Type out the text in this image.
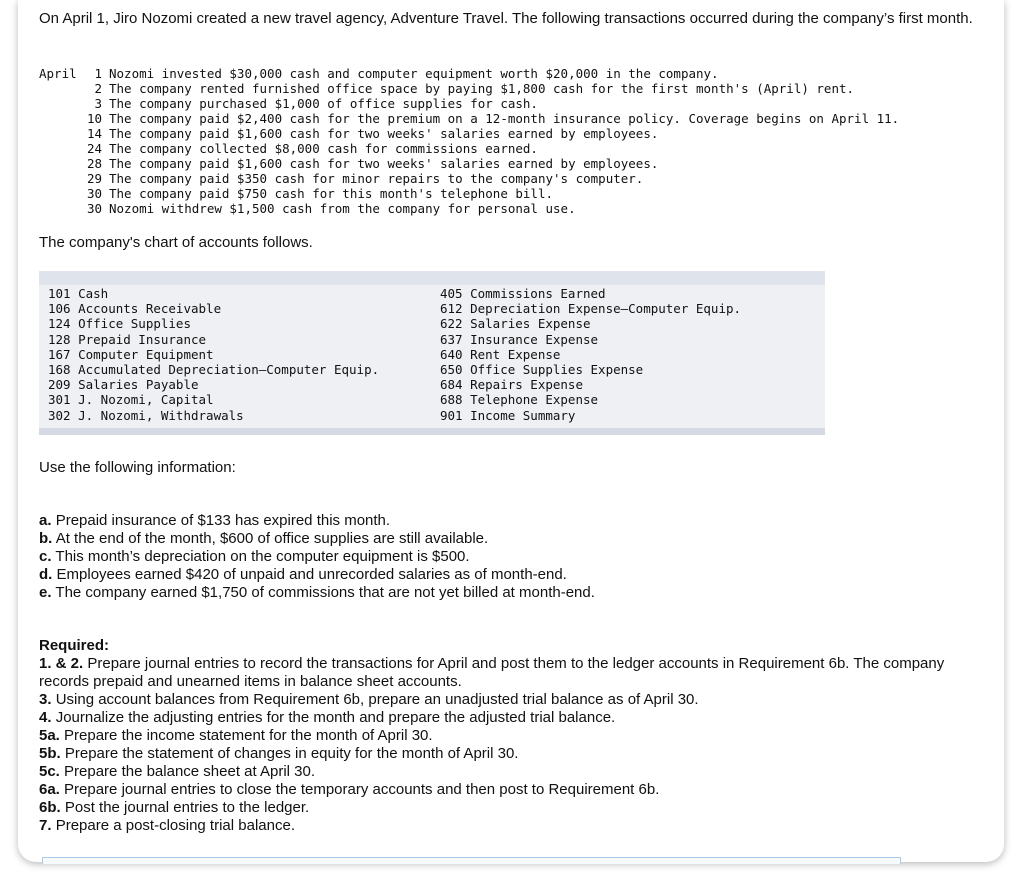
On April 1, Jiro Nozomi created a new travel agency, Adventure Travel. The following transactions occurred during the company’s first month.

April 1 Nozomi invested $30,000 cash and computer equipment worth $20,000 in the company.
2 The company rented furnished office space by paying $1,800 cash for the first month's (April) rent.
3 The company purchased $1,000 of office supplies for cash.
10 The company paid $2,400 cash for the premium on a 12-month insurance policy. Coverage begins on April 11.
14 The company paid $1,600 cash for two weeks' salaries earned by employees.
24 The company collected $8,000 cash for commissions earned.
28 The company paid $1,600 cash for two weeks' salaries earned by employees.
29 The company paid $350 cash for minor repairs to the company's computer.
30 The company paid $750 cash for this month's telephone bill.
30 Nozomi withdrew $1,500 cash from the company for personal use.

The company's chart of accounts follows.

101 Cash
106 Accounts Receivable
124 Office Supplies
128 Prepaid Insurance
167 Computer Equipment
168 Accumulated Depreciation—Computer Equip.
209 Salaries Payable
301 J. Nozomi, Capital
302 J. Nozomi, Withdrawals
405 Commissions Earned
612 Depreciation Expense—Computer Equip.
622 Salaries Expense
637 Insurance Expense
640 Rent Expense
650 Office Supplies Expense
684 Repairs Expense
688 Telephone Expense
901 Income Summary

Use the following information:

a. Prepaid insurance of $133 has expired this month.
b. At the end of the month, $600 of office supplies are still available.
c. This month’s depreciation on the computer equipment is $500.
d. Employees earned $420 of unpaid and unrecorded salaries as of month-end.
e. The company earned $1,750 of commissions that are not yet billed at month-end.
Required:
1. & 2. Prepare journal entries to record the transactions for April and post them to the ledger accounts in Requirement 6b. The company records prepaid and unearned items in balance sheet accounts.
3. Using account balances from Requirement 6b, prepare an unadjusted trial balance as of April 30.
4. Journalize the adjusting entries for the month and prepare the adjusted trial balance.
5a. Prepare the income statement for the month of April 30.
5b. Prepare the statement of changes in equity for the month of April 30.
5c. Prepare the balance sheet at April 30.
6a. Prepare journal entries to close the temporary accounts and then post to Requirement 6b.
6b. Post the journal entries to the ledger.
7. Prepare a post-closing trial balance.
